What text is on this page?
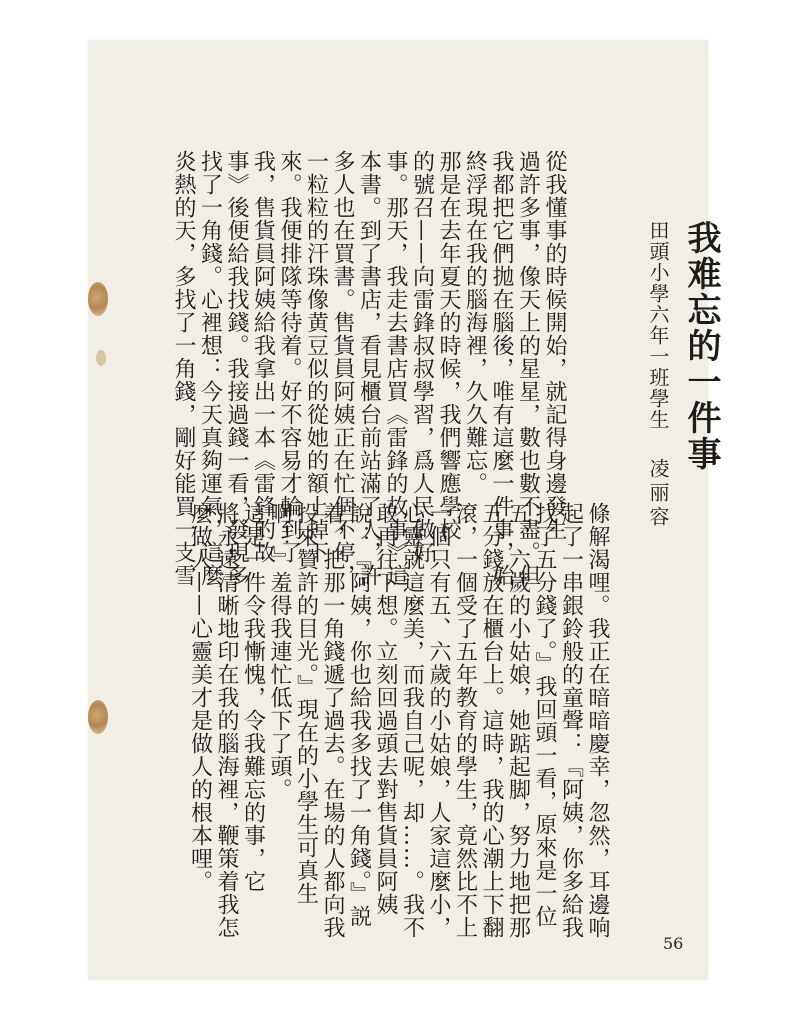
我难忘的一件事
田頭小學六年一班學生
凌丽容
從我懂事的時候開始，就記得身邊發生
過許多事，像天上的星星，數也數不盡。但
我都把它們拋在腦後，唯有這麼一件事，始
終浮現在我的腦海裡，久久難忘。
那是在去年夏天的時候，我們響應學校
的號召——向雷鋒叔叔學習，爲人民做好
事。那天，我走去書店買《雷鋒的故事》這
本書。到了書店，看見櫃台前站滿了人，許
多人也在買書。售貨員阿姨正在忙個不停，
一粒粒的汗珠像黄豆似的從她的額上掉下
來。我便排隊等待着。好不容易才輪到了
我，售貨員阿姨給我拿出一本《雷鋒的故
事》後便給我找錢。我接過錢一看，發現多
找了一角錢。心裡想：今天真夠運氣，這麼
炎熱的天，多找了一角錢，剛好能買一支雪
條解渴哩。我正在暗暗慶幸，忽然，耳邊响
起了一串銀鈴般的童聲：『阿姨，你多給我
找了五分錢了。』我回頭一看，原來是一位
五、六歲的小姑娘，她踮起脚，努力地把那
五分錢放在櫃台上。這時，我的心潮上下翻
滾，一個受了五年教育的學生，竟然比不上
一個只有五、六歲的小姑娘，人家這麼小，
心靈就這麼美，而我自己呢，却……。我不
敢再往下想。立刻回過頭去對售貨員阿姨
說：『阿姨，你也給我多找了一角錢。』説
着，把那一角錢遞了過去。在場的人都向我
投來贊許的目光。』現在的小學生可真生
啊！』羞得我連忙低下了頭。
這是一件令我慚愧，令我難忘的事，它
將永遠清晰地印在我的腦海裡，鞭策着我怎
麼做人——心靈美才是做人的根本哩。
56
